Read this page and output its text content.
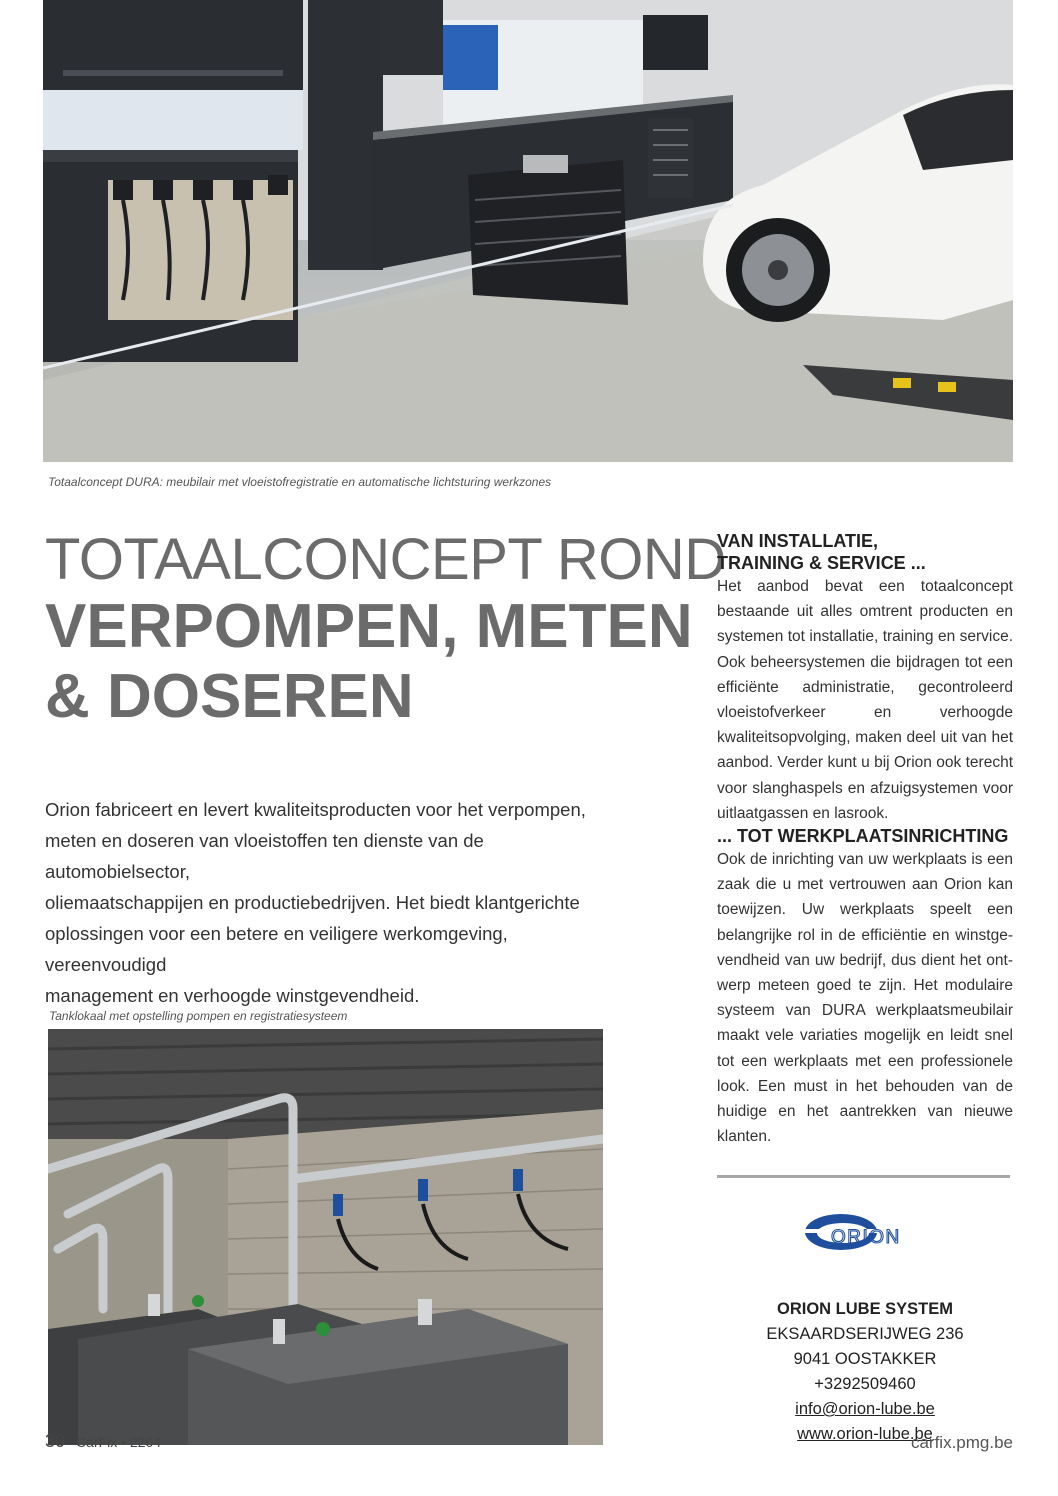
Totaalconcept DURA: meubilair met vloeistofregistratie en automatische lichtsturing werkzones
TOTAALCONCEPT ROND
VERPOMPEN, METEN
& DOSEREN
Orion fabriceert en levert kwaliteitsproducten voor het verpompen,
meten en doseren van vloeistoffen ten dienste van de automobielsector,
oliemaatschappijen en productiebedrijven. Het biedt klantgerichte
oplossingen voor een betere en veiligere werkomgeving, vereenvoudigd
management en verhoogde winstgevendheid.

VAN INSTALLATIE,

TRAINING & SERVICE ...

Het aanbod bevat een totaalconcept bestaande uit alles omtrent producten en systemen tot installatie, training en service. Ook beheersystemen die bijdragen tot een efficiënte administratie, gecontroleerd vloeistofverkeer en verhoogde kwaliteitsopvolging, maken deel uit van het aanbod. Verder kunt u bij Orion ook terecht voor slanghaspels en afzuigsystemen voor uitlaatgassen en lasrook.

... TOT WERKPLAATSINRICHTING

Ook de inrichting van uw werkplaats is een zaak die u met vertrouwen aan Orion kan toewijzen. Uw werkplaats speelt een belangrijke rol in de efficiëntie en winstgevendheid van uw bedrijf, dus dient het ontwerp meteen goed te zijn. Het modulaire systeem van DURA werkplaatsmeubilair maakt vele variaties mogelijk en leidt snel tot een werkplaats met een professionele look. Een must in het behouden van de huidige en het aantrekken van nieuwe klanten.

ORION
ORION LUBE SYSTEM
EKSAARDSERIJWEG 236
9041 OOSTAKKER
+3292509460
info@orion-lube.be
www.orion-lube.be
Tanklokaal met opstelling pompen en registratiesysteem
30 CarFix • 2204	carfix.pmg.be
